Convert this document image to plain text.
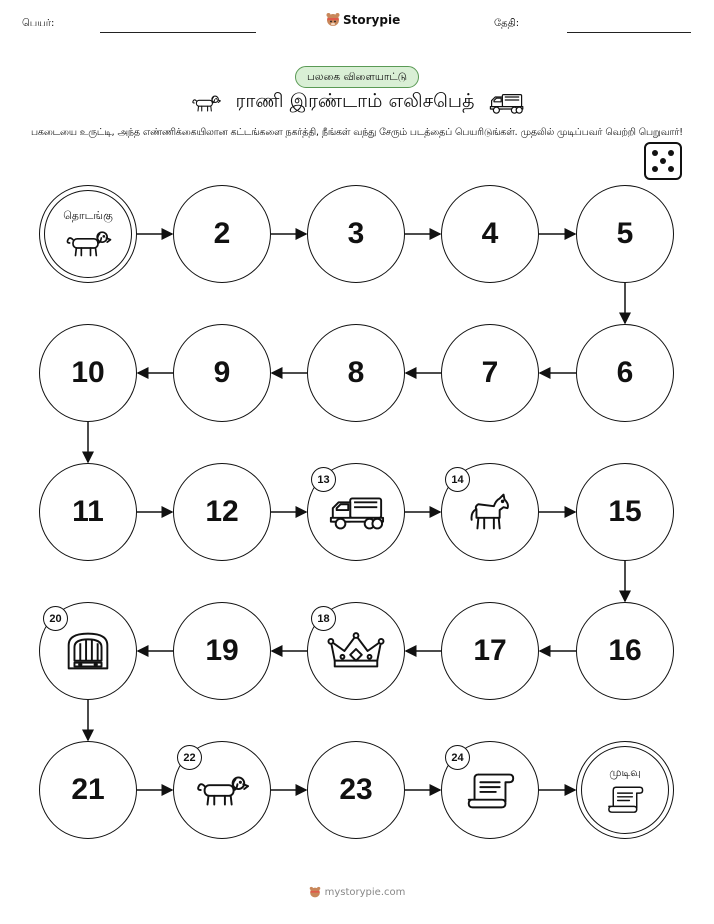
பெயர்:	Storypie	தேதி:
பலகை விளையாட்டு
ராணி இரண்டாம் எலிசபெத்
பகடையை உருட்டி, அந்த எண்ணிக்கையிலான கட்டங்களை நகர்த்தி, நீங்கள் வந்து சேரும் படத்தைப் பெயரிடுங்கள். முதலில் முடிப்பவர் வெற்றி பெறுவார்!
தொடங்கு
2	3	4	5
6
7
8
9
10
11	12
13	14
15
16
17
18
19
20
21
22
23
24
முடிவு
mystorypie.com
